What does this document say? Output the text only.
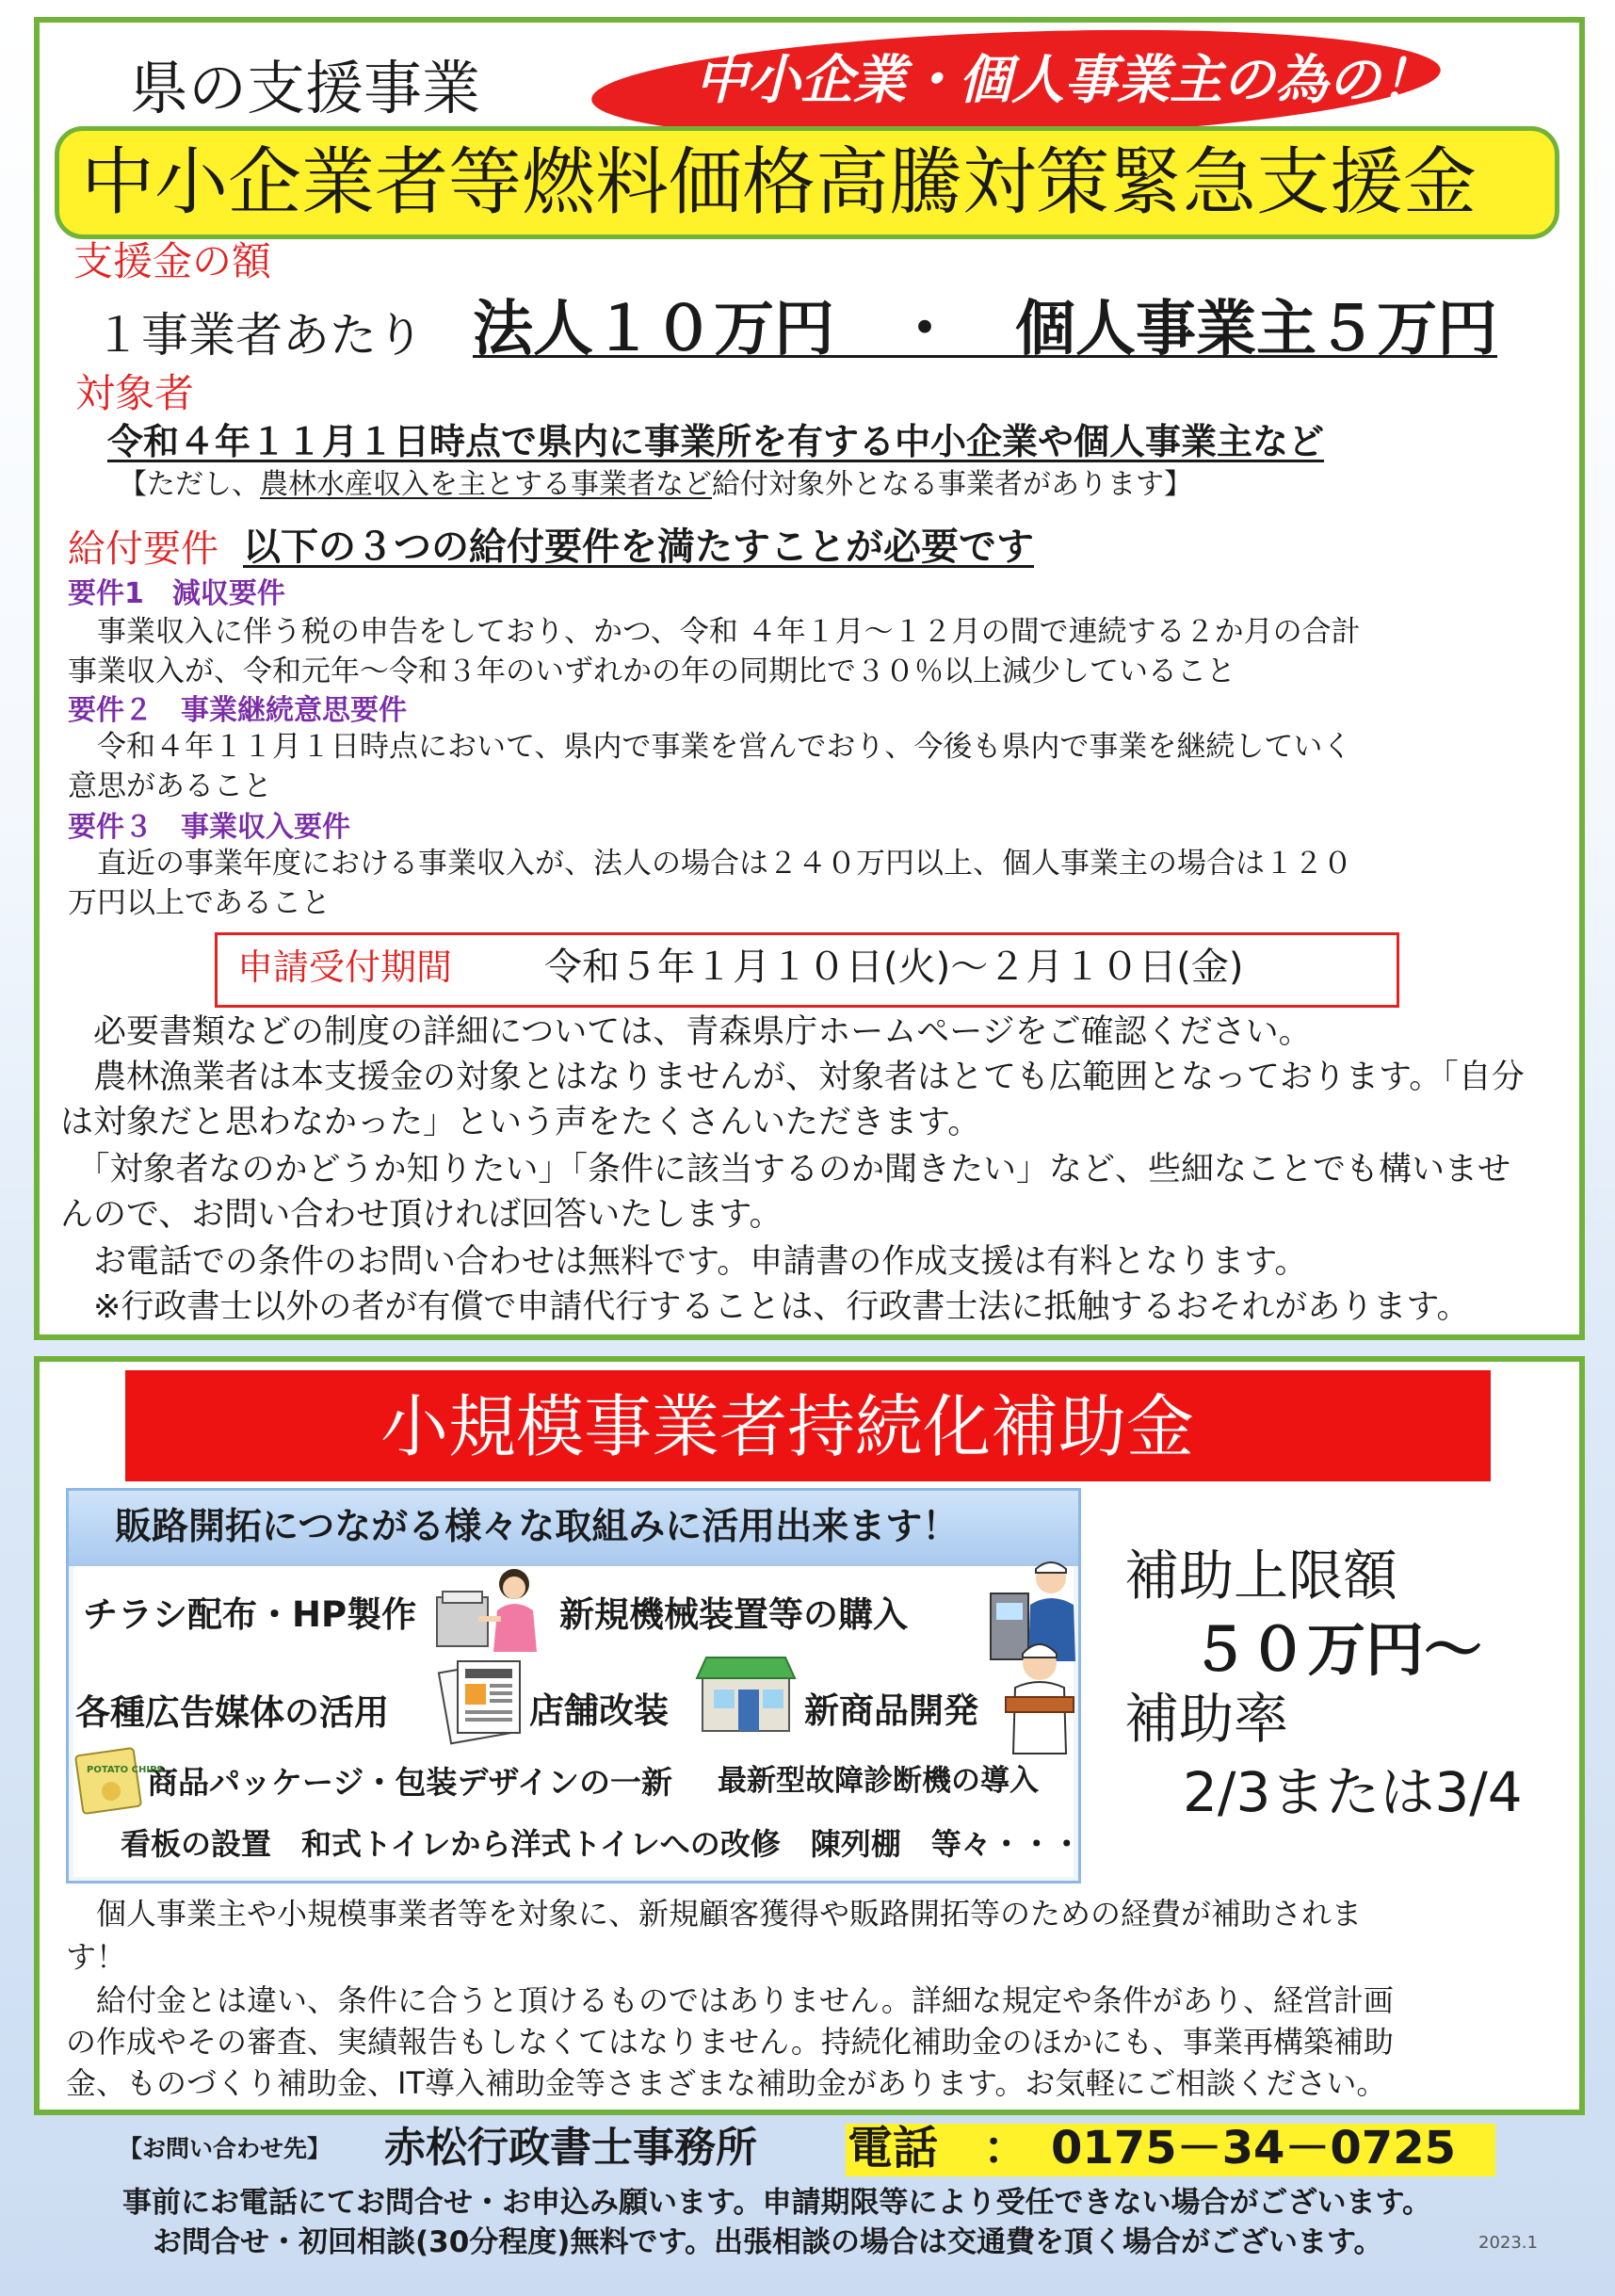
県の支援事業	中小企業・個人事業主の為の！
中小企業者等燃料価格高騰対策緊急支援金
支援金の額
１事業者あたり 法人１０万円　・　個人事業主５万円
対象者
令和４年１１月１日時点で県内に事業所を有する中小企業や個人事業主など
【ただし、農林水産収入を主とする事業者など給付対象外となる事業者があります】
給付要件 以下の３つの給付要件を満たすことが必要です
要件1　減収要件
　事業収入に伴う税の申告をしており、かつ、令和 ４年１月～１２月の間で連続する２か月の合計
事業収入が、令和元年～令和３年のいずれかの年の同期比で３０％以上減少していること
要件２　事業継続意思要件
　令和４年１１月１日時点において、県内で事業を営んでおり、今後も県内で事業を継続していく
意思があること
要件３　事業収入要件
　直近の事業年度における事業収入が、法人の場合は２４０万円以上、個人事業主の場合は１２０
万円以上であること
申請受付期間 令和５年１月１０日(火)～２月１０日(金)
　必要書類などの制度の詳細については、青森県庁ホームページをご確認ください。
　農林漁業者は本支援金の対象とはなりませんが、対象者はとても広範囲となっております。「自分
は対象だと思わなかった」という声をたくさんいただきます。
　「対象者なのかどうか知りたい」「条件に該当するのか聞きたい」など、些細なことでも構いませ
んので、お問い合わせ頂ければ回答いたします。
　お電話での条件のお問い合わせは無料です。申請書の作成支援は有料となります。
　※行政書士以外の者が有償で申請代行することは、行政書士法に抵触するおそれがあります。
小規模事業者持続化補助金
販路開拓につながる様々な取組みに活用出来ます！
チラシ配布・HP製作	新規機械装置等の購入
各種広告媒体の活用	店舗改装	新商品開発
商品パッケージ・包装デザインの一新 最新型故障診断機の導入
看板の設置　和式トイレから洋式トイレへの改修　陳列棚　等々・・・
POTATO CHIPS
補助上限額
５０万円～
補助率
2/3または3/4
　個人事業主や小規模事業者等を対象に、新規顧客獲得や販路開拓等のための経費が補助されま
す！
　給付金とは違い、条件に合うと頂けるものではありません。詳細な規定や条件があり、経営計画
の作成やその審査、実績報告もしなくてはなりません。持続化補助金のほかにも、事業再構築補助
金、ものづくり補助金、IT導入補助金等さまざまな補助金があります。お気軽にご相談ください。
【お問い合わせ先】 赤松行政書士事務所 電話　：　0175－34－0725
事前にお電話にてお問合せ・お申込み願います。申請期限等により受任できない場合がございます。
お問合せ・初回相談(30分程度)無料です。出張相談の場合は交通費を頂く場合がございます。	2023.1
